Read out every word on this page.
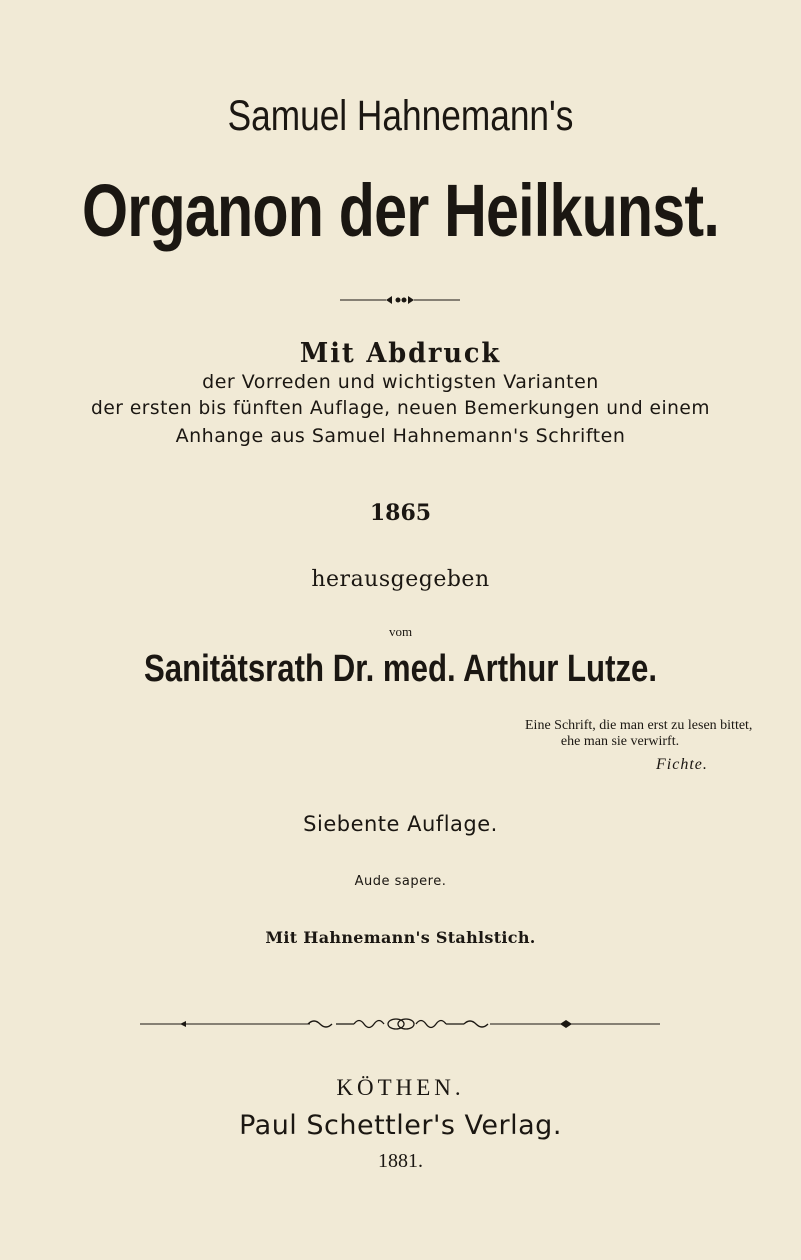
Samuel Hahnemann's
Organon der Heilkunst.
Mit Abdruck
der Vorreden und wichtigsten Varianten
der ersten bis fünften Auflage, neuen Bemerkungen und einem
Anhange aus Samuel Hahnemann's Schriften
1865
herausgegeben
vom
Sanitätsrath Dr. med. Arthur Lutze.
Eine Schrift, die man erst zu lesen bittet,
ehe man sie verwirft.
Fichte.
Siebente Auflage.
Aude sapere.
Mit Hahnemann's Stahlstich.
KÖTHEN.
Paul Schettler's Verlag.
1881.
